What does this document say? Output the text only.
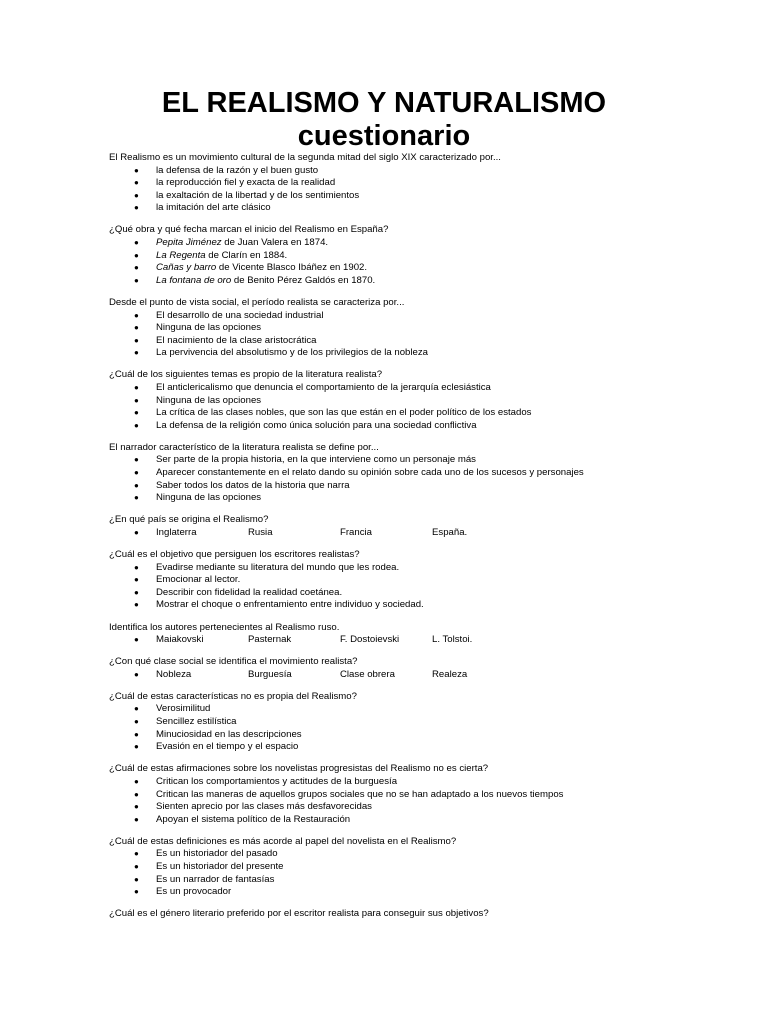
EL REALISMO Y NATURALISMO
cuestionario

El Realismo es un movimiento cultural de la segunda mitad del siglo XIX caracterizado por...

● la defensa de la razón y el buen gusto
● la reproducción fiel y exacta de la realidad
● la exaltación de la libertad y de los sentimientos
● la imitación del arte clásico

¿Qué obra y qué fecha marcan el inicio del Realismo en España?

● Pepita Jiménez de Juan Valera en 1874.
● La Regenta de Clarín en 1884.
● Cañas y barro de Vicente Blasco Ibáñez en 1902.
● La fontana de oro de Benito Pérez Galdós en 1870.

Desde el punto de vista social, el período realista se caracteriza por...

● El desarrollo de una sociedad industrial
● Ninguna de las opciones
● El nacimiento de la clase aristocrática
● La pervivencia del absolutismo y de los privilegios de la nobleza

¿Cuál de los siguientes temas es propio de la literatura realista?

● El anticlericalismo que denuncia el comportamiento de la jerarquía eclesiástica
● Ninguna de las opciones
● La crítica de las clases nobles, que son las que están en el poder político de los estados
● La defensa de la religión como única solución para una sociedad conflictiva

El narrador característico de la literatura realista se define por...

● Ser parte de la propia historia, en la que interviene como un personaje más
● Aparecer constantemente en el relato dando su opinión sobre cada uno de los sucesos y personajes
● Saber todos los datos de la historia que narra
● Ninguna de las opciones

¿En qué país se origina el Realismo?

● Inglaterra	Rusia	Francia	España.

¿Cuál es el objetivo que persiguen los escritores realistas?

● Evadirse mediante su literatura del mundo que les rodea.
● Emocionar al lector.
● Describir con fidelidad la realidad coetánea.
● Mostrar el choque o enfrentamiento entre individuo y sociedad.

Identifica los autores pertenecientes al Realismo ruso.

● Maiakovski	Pasternak	F. Dostoievski	L. Tolstoi.

¿Con qué clase social se identifica el movimiento realista?

● Nobleza	Burguesía	Clase obrera	Realeza

¿Cuál de estas características no es propia del Realismo?

● Verosimilitud
● Sencillez estilística
● Minuciosidad en las descripciones
● Evasión en el tiempo y el espacio

¿Cuál de estas afirmaciones sobre los novelistas progresistas del Realismo no es cierta?

● Critican los comportamientos y actitudes de la burguesía
● Critican las maneras de aquellos grupos sociales que no se han adaptado a los nuevos tiempos
● Sienten aprecio por las clases más desfavorecidas
● Apoyan el sistema político de la Restauración

¿Cuál de estas definiciones es más acorde al papel del novelista en el Realismo?

● Es un historiador del pasado
● Es un historiador del presente
● Es un narrador de fantasías
● Es un provocador

¿Cuál es el género literario preferido por el escritor realista para conseguir sus objetivos?
